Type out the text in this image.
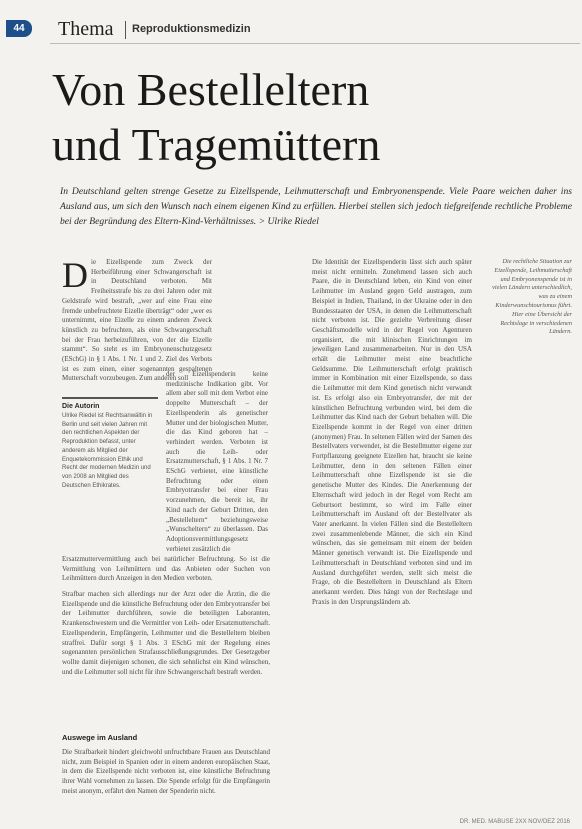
44	Thema Reproduktionsmedizin
Von Bestelleltern
und Tragemüttern
In Deutschland gelten strenge Gesetze zu Eizellspende, Leihmutterschaft und Embryonenspende. Viele Paare weichen daher ins Ausland aus, um sich den Wunsch nach einem eigenen Kind zu erfüllen. Hierbei stellen sich jedoch tiefgreifende rechtliche Probleme bei der Begründung des Eltern-Kind-Verhältnisses. > Ulrike Riedel
D ie Eizellspende zum Zweck der Herbeiführung einer Schwangerschaft ist in Deutschland verboten. Mit Freiheitsstrafe bis zu drei Jahren oder mit Geldstrafe wird bestraft, „wer auf eine Frau eine fremde unbefruchtete Eizelle überträgt“ oder „wer es unternimmt, eine Eizelle zu einem anderen Zweck künstlich zu befruchten, als eine Schwangerschaft bei der Frau herbeizuführen, von der die Eizelle stammt“. So steht es im Embryonenschutzgesetz (ESchG) in § 1 Abs. 1 Nr. 1 und 2. Ziel des Verbots ist es zum einen, einer sogenannten gespaltenen Mutterschaft vorzubeugen. Zum anderen soll
Die Autorin

Ulrike Riedel ist Rechtsanwältin in Berlin und seit vielen Jahren mit den rechtlichen Aspekten der Reproduktion befasst, unter anderem als Mitglied der Enquetekommission Ethik und Recht der modernen Medizin und von 2008 an Mitglied des Deutschen Ethikrates.

der Eizellspenderin keine medizinische Indikation gibt. Vor allem aber soll mit dem Verbot eine doppelte Mutterschaft – der Eizellspenderin als genetischer Mutter und der biologischen Mutter, die das Kind geboren hat – verhindert werden. Verboten ist auch die Leih- oder Ersatzmutterschaft, § 1 Abs. 1 Nr. 7 ESchG verbietet, eine künstliche Befruchtung oder einen Embryotransfer bei einer Frau vorzunehmen, die bereit ist, ihr Kind nach der Geburt Dritten, den „Bestelleltern“ beziehungsweise „Wunscheltern“ zu überlassen. Das Adoptionsvermittlungsgesetz verbietet zusätzlich die
Ersatzmuttervermittlung auch bei natürlicher Befruchtung. So ist die Vermittlung von Leihmüttern und das Anbieten oder Suchen von Leihmüttern durch Anzeigen in den Medien verboten.
Strafbar machen sich allerdings nur der Arzt oder die Ärztin, die die Eizellspende und die künstliche Befruchtung oder den Embryotransfer bei der Leihmutter durchführen, sowie die beteiligten Laboranten, Krankenschwestern und die Vermittler von Leih- oder Ersatzmutterschaft. Eizellspenderin, Empfängerin, Leihmutter und die Bestelleltern bleiben straffrei. Dafür sorgt § 1 Abs. 3 ESchG mit der Regelung eines sogenannten persönlichen Strafausschließungsgrundes. Der Gesetzgeber wollte damit diejenigen schonen, die sich sehnlichst ein Kind wünschen, und die Leihmutter soll nicht für ihre Schwangerschaft bestraft werden.
Auswege im Ausland
Die Strafbarkeit hindert gleichwohl unfruchtbare Frauen aus Deutschland nicht, zum Beispiel in Spanien oder in einem anderen europäischen Staat, in dem die Eizellspende nicht verboten ist, eine künstliche Befruchtung ihrer Wahl vornehmen zu lassen. Die Spende erfolgt für die Empfängerin meist anonym, erfährt den Namen der Spenderin nicht.
Die Identität der Eizellspenderin lässt sich auch später meist nicht ermitteln. Zunehmend lassen sich auch Paare, die in Deutschland leben, ein Kind von einer Leihmutter im Ausland gegen Geld austragen, zum Beispiel in Indien, Thailand, in der Ukraine oder in den Bundesstaaten der USA, in denen die Leihmutterschaft nicht verboten ist. Die gezielte Verbreitung dieser Geschäftsmodelle wird in der Regel von Agenturen organisiert, die mit klinischen Einrichtungen im jeweiligen Land zusammenarbeiten. Nur in den USA erhält die Leihmutter meist eine beachtliche Geldsumme. Die Leihmutterschaft erfolgt praktisch immer in Kombination mit einer Eizellspende, so dass die Leihmutter mit dem Kind genetisch nicht verwandt ist. Es erfolgt also ein Embryotransfer, der mit der künstlichen Befruchtung verbunden wird, bei dem die Leihmutter das Kind nach der Geburt behalten will. Die Eizellspende kommt in der Regel von einer dritten (anonymen) Frau. In seltenen Fällen wird der Samen des Bestellvaters verwendet, ist die Bestellmutter eigene zur Fortpflanzung geeignete Eizellen hat, braucht sie keine Leihmutter, denn in den seltenen Fällen einer Leihmutterschaft ohne Eizellspende ist sie die genetische Mutter des Kindes. Die Anerkennung der Elternschaft wird jedoch in der Regel vom Recht am Geburtsort bestimmt, so wird im Falle einer Leihmutterschaft im Ausland oft der Bestellvater als Vater anerkannt. In vielen Fällen sind die Bestelleltern zwei zusammenlebende Männer, die sich ein Kind wünschen, das sie gemeinsam mit einem der beiden Männer genetisch verwandt ist. Die Eizellspende und Leihmutterschaft in Deutschland verboten sind und im Ausland durchgeführt werden, stellt sich meist die Frage, ob die Bestelleltern in Deutschland als Eltern anerkannt werden. Dies hängt von der Rechtslage und Praxis in den Ursprungsländern ab.
Die rechtliche Situation zur Eizellspende, Leihmutterschaft und Embryonenspende ist in vielen Ländern unterschiedlich, was zu einem Kinderwunschtourismus führt. Hier eine Übersicht der Rechtslage in verschiedenen Ländern.
DR. MED. MABUSE 2XX NOV/DEZ 2016
